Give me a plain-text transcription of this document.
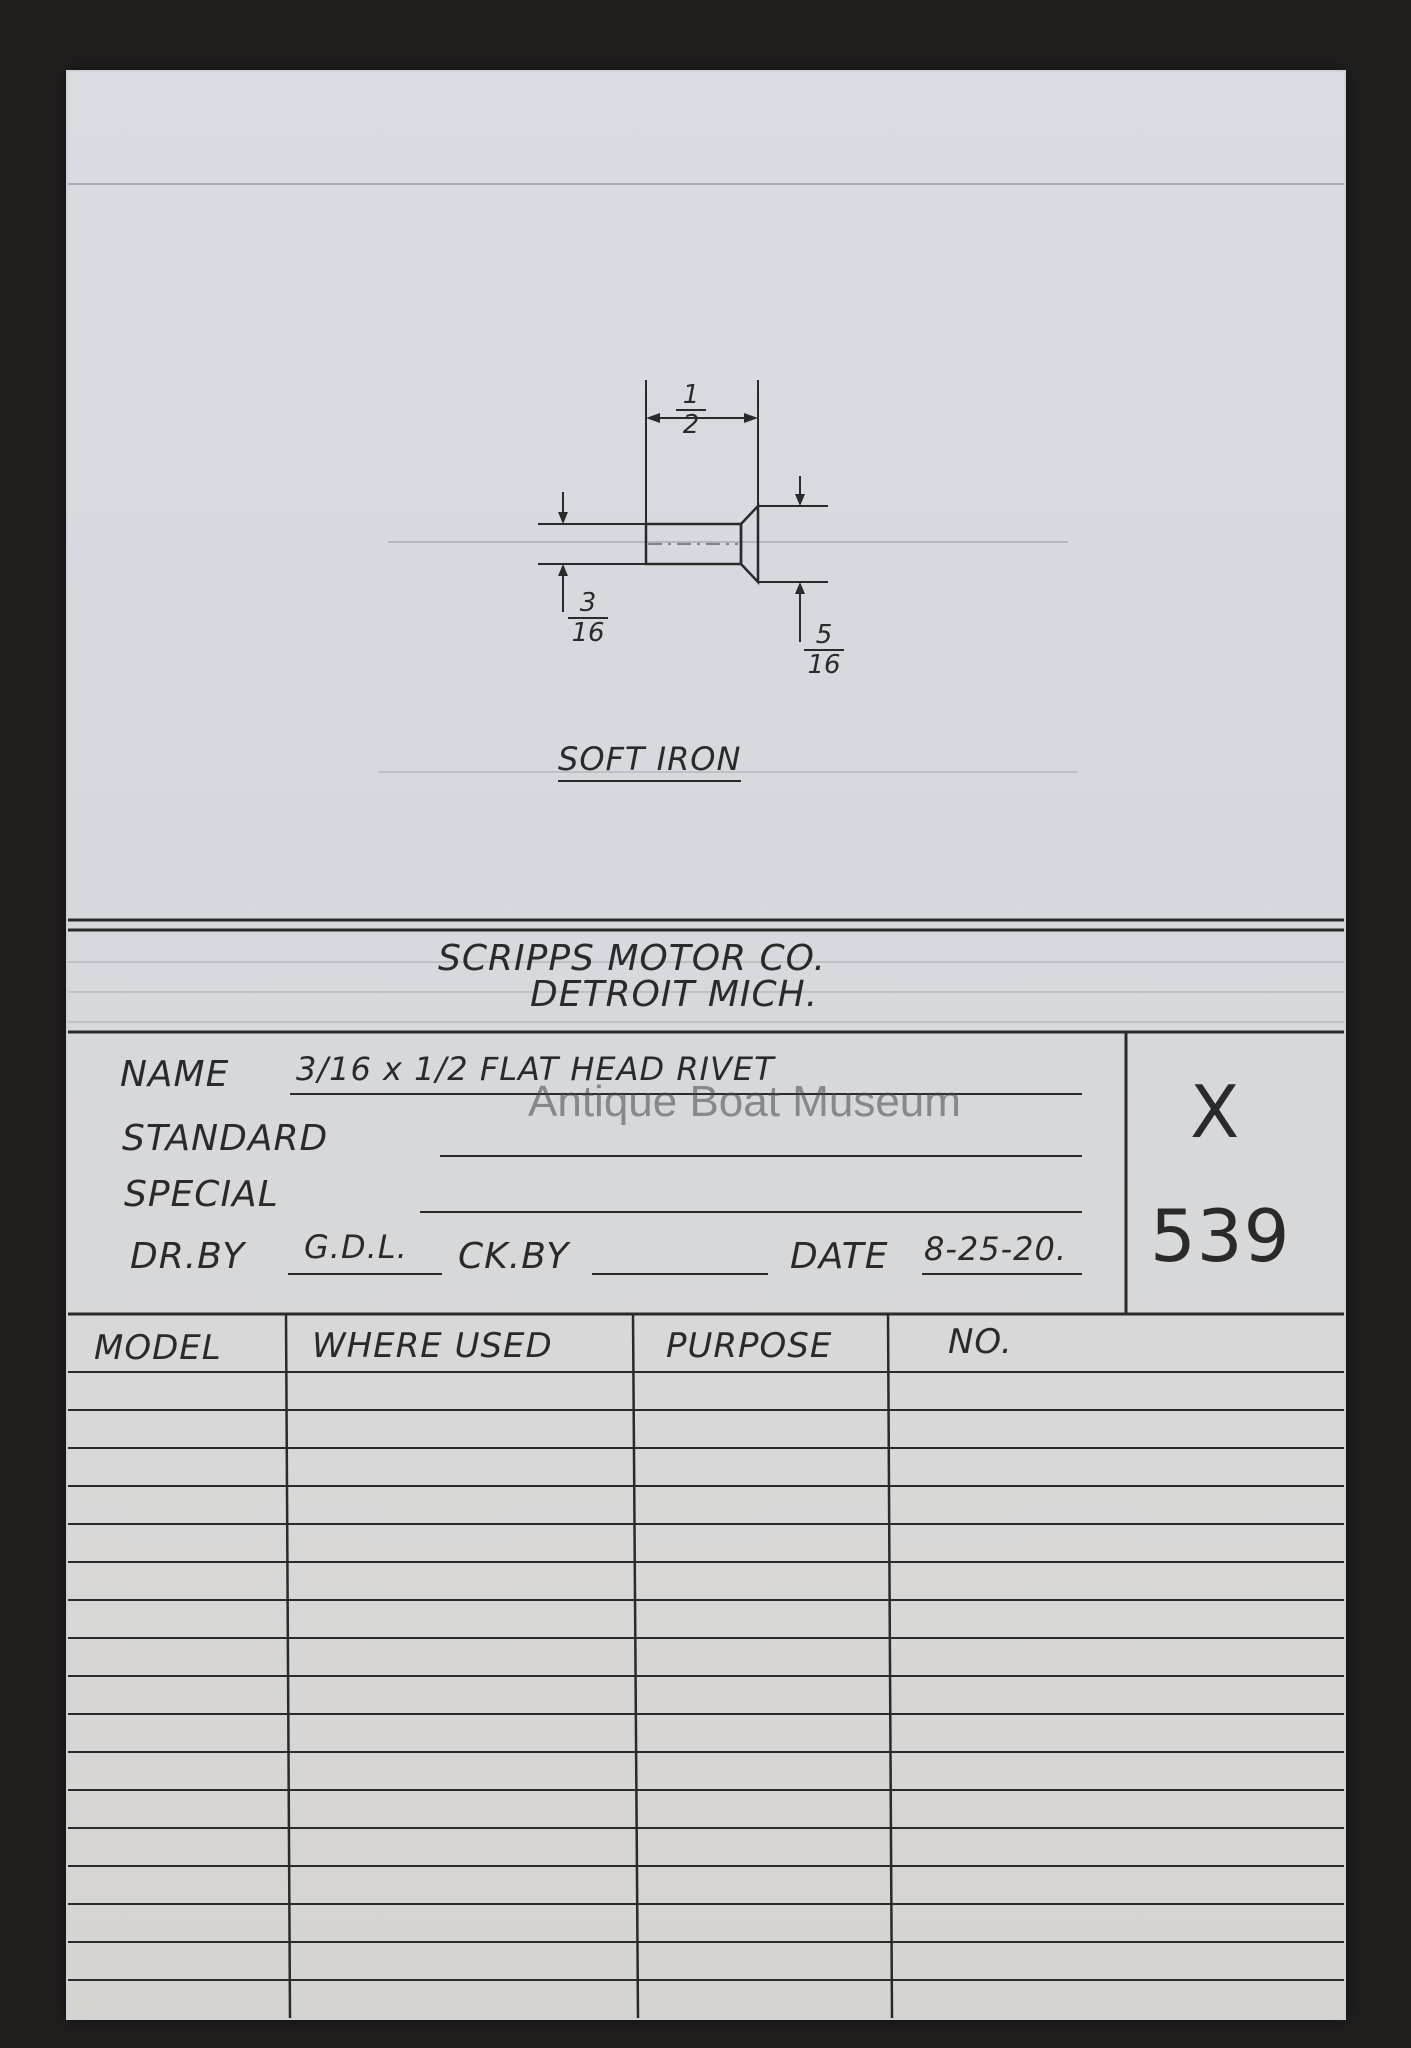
1
2
3
16	5
16
SOFT IRON
SCRIPPS MOTOR CO.
DETROIT MICH.
Antique Boat Museum
NAME 3/16 x 1/2 FLAT HEAD RIVET
STANDARD
SPECIAL
DR.BY G.D.L. CK.BY	DATE 8-25-20.
X
539
MODEL	WHERE USED	PURPOSE	NO.
